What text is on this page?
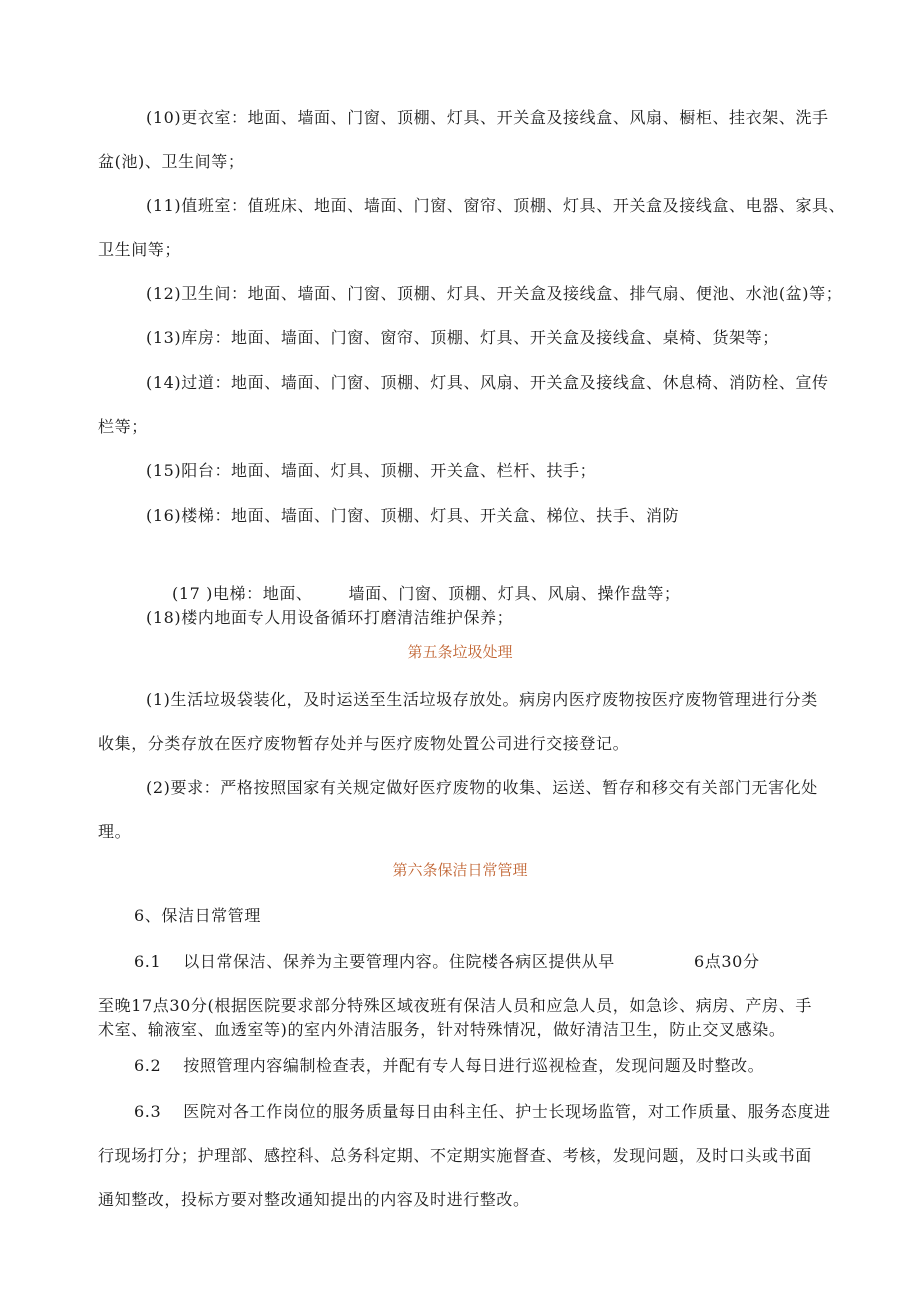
(10)更衣室：地面、墙面、门窗、顶棚、灯具、开关盒及接线盒、风扇、橱柜、挂衣架、洗手
盆(池)、卫生间等；
(11)值班室：值班床、地面、墙面、门窗、窗帘、顶棚、灯具、开关盒及接线盒、电器、家具、
卫生间等；
(12)卫生间：地面、墙面、门窗、顶棚、灯具、开关盒及接线盒、排气扇、便池、水池(盆)等；
(13)库房：地面、墙面、门窗、窗帘、顶棚、灯具、开关盒及接线盒、桌椅、货架等；
(14)过道：地面、墙面、门窗、顶棚、灯具、风扇、开关盒及接线盒、休息椅、消防栓、宣传
栏等；
(15)阳台：地面、墙面、灯具、顶棚、开关盒、栏杆、扶手；
(16)楼梯：地面、墙面、门窗、顶棚、灯具、开关盒、梯位、扶手、消防
(17 )电梯：地面、 墙面、门窗、顶棚、灯具、风扇、操作盘等；
(18)楼内地面专人用设备循环打磨清洁维护保养；
第五条垃圾处理
(1)生活垃圾袋装化，及时运送至生活垃圾存放处。病房内医疗废物按医疗废物管理进行分类
收集，分类存放在医疗废物暂存处并与医疗废物处置公司进行交接登记。
(2)要求：严格按照国家有关规定做好医疗废物的收集、运送、暂存和移交有关部门无害化处
理。
第六条保洁日常管理
6、保洁日常管理
6.1 以日常保洁、保养为主要管理内容。住院楼各病区提供从早	6点30分
至晚17点30分(根据医院要求部分特殊区域夜班有保洁人员和应急人员，如急诊、病房、产房、手
术室、输液室、血透室等)的室内外清洁服务，针对特殊情况，做好清洁卫生，防止交叉感染。
6.2 按照管理内容编制检查表，并配有专人每日进行巡视检查，发现问题及时整改。
6.3 医院对各工作岗位的服务质量每日由科主任、护士长现场监管，对工作质量、服务态度进
行现场打分；护理部、感控科、总务科定期、不定期实施督查、考核，发现问题，及时口头或书面
通知整改，投标方要对整改通知提出的内容及时进行整改。
